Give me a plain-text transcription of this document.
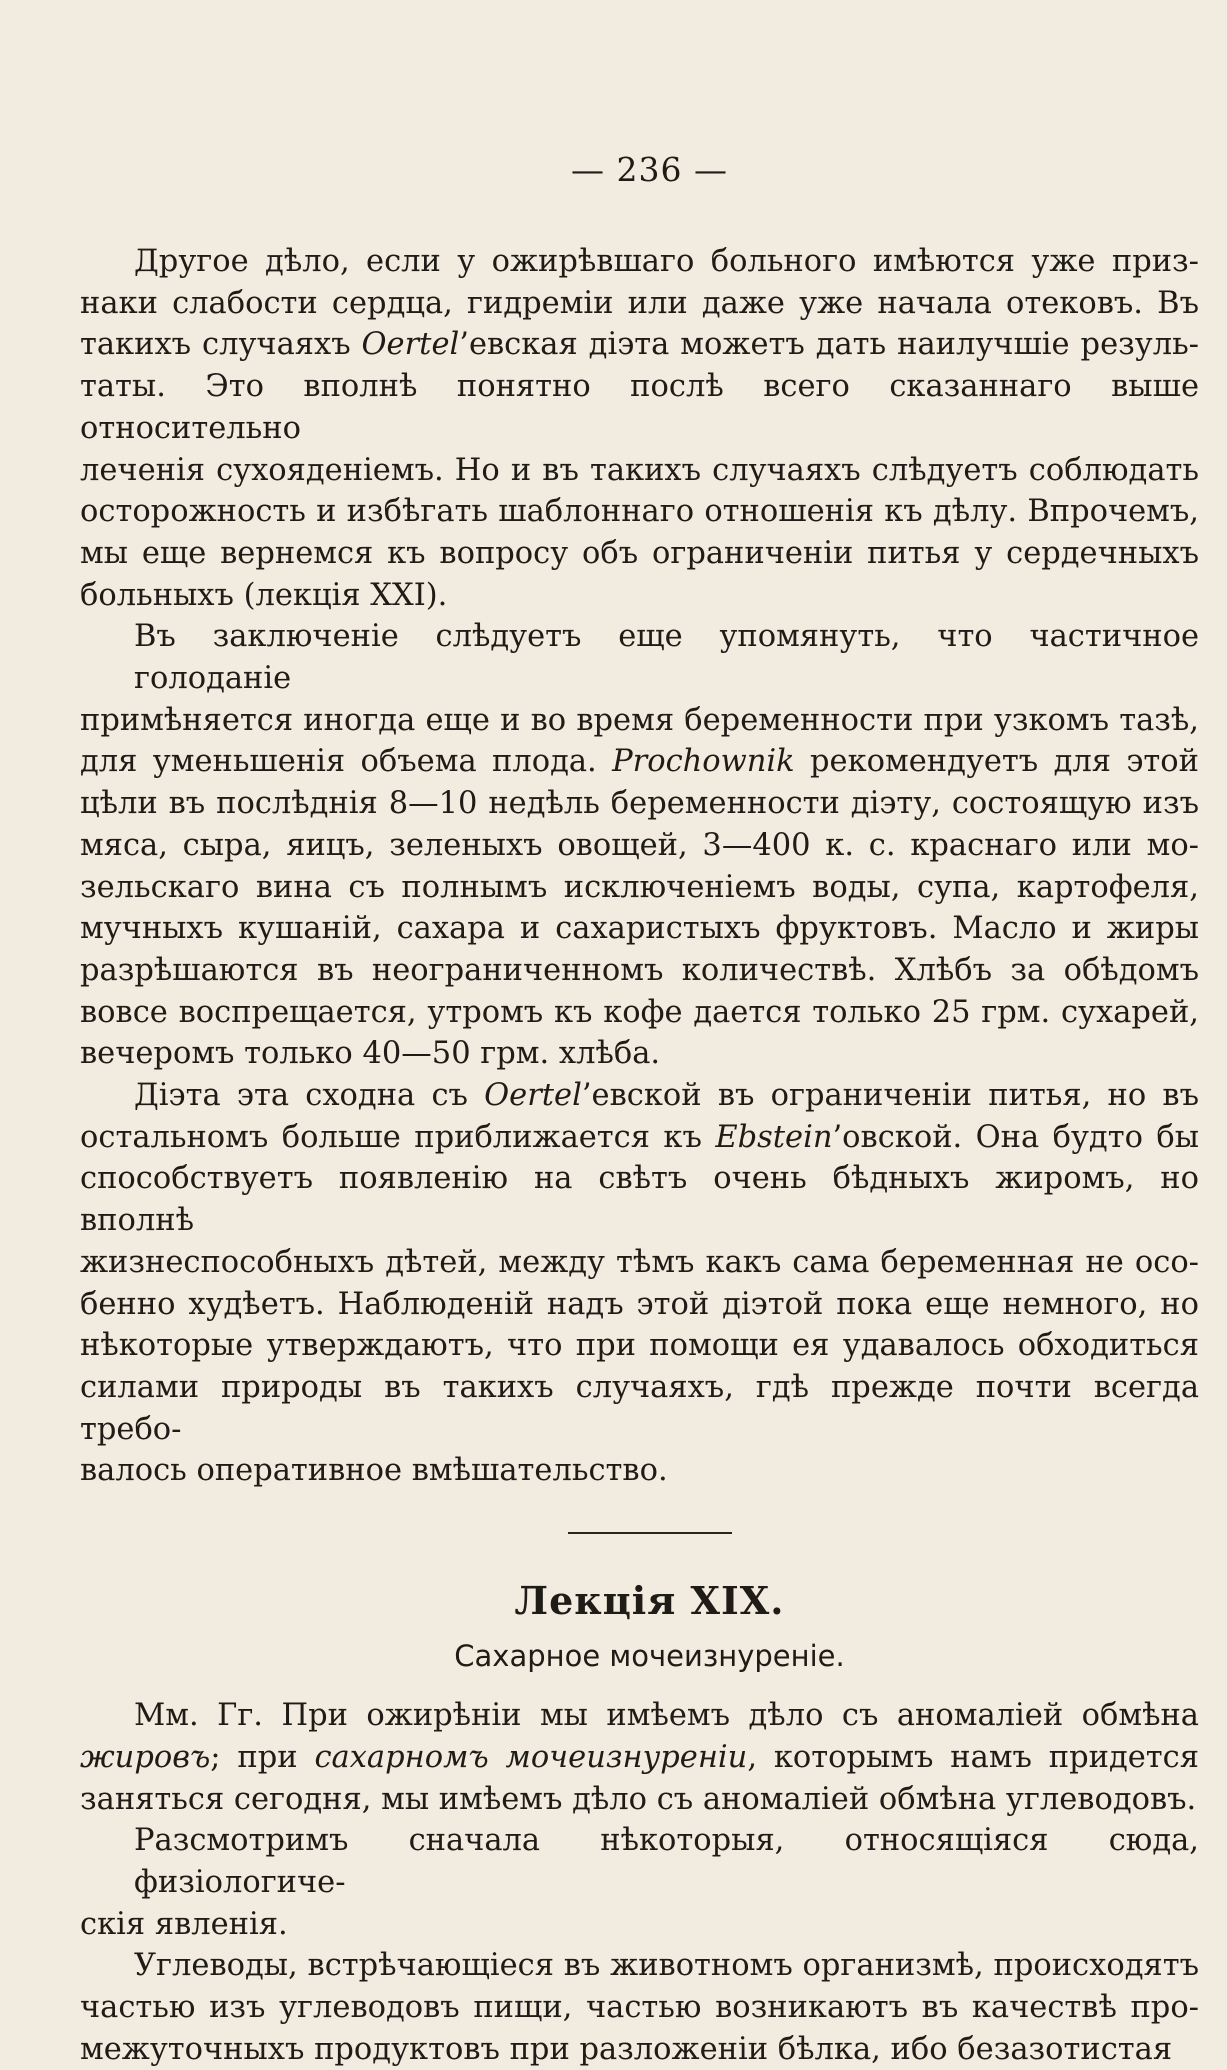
— 236 —

Другое дѣло, если у ожирѣвшаго больного имѣются уже приз-
наки слабости сердца, гидреміи или даже уже начала отековъ. Въ
такихъ случаяхъ Oertel’евская діэта можетъ дать наилучшіе резуль-
таты. Это вполнѣ понятно послѣ всего сказаннаго выше относительно
леченія сухояденіемъ. Но и въ такихъ случаяхъ слѣдуетъ соблюдать
осторожность и избѣгать шаблоннаго отношенія къ дѣлу. Впрочемъ,
мы еще вернемся къ вопросу объ ограниченіи питья у сердечныхъ
больныхъ (лекція XXI).

Въ заключеніе слѣдуетъ еще упомянуть, что частичное голоданіе
примѣняется иногда еще и во время беременности при узкомъ тазѣ,
для уменьшенія объема плода. Prochownik рекомендуетъ для этой
цѣли въ послѣднія 8—10 недѣль беременности діэту, состоящую изъ
мяса, сыра, яицъ, зеленыхъ овощей, 3—400 к. с. краснаго или мо-
зельскаго вина съ полнымъ исключеніемъ воды, супа, картофеля,
мучныхъ кушаній, сахара и сахаристыхъ фруктовъ. Масло и жиры
разрѣшаются въ неограниченномъ количествѣ. Хлѣбъ за обѣдомъ
вовсе воспрещается, утромъ къ кофе дается только 25 грм. сухарей,
вечеромъ только 40—50 грм. хлѣба.

Діэта эта сходна съ Oertel’евской въ ограниченіи питья, но въ
остальномъ больше приближается къ Ebstein’овской. Она будто бы
способствуетъ появленію на свѣтъ очень бѣдныхъ жиромъ, но вполнѣ
жизнеспособныхъ дѣтей, между тѣмъ какъ сама беременная не осо-
бенно худѣетъ. Наблюденій надъ этой діэтой пока еще немного, но
нѣкоторые утверждаютъ, что при помощи ея удавалось обходиться
силами природы въ такихъ случаяхъ, гдѣ прежде почти всегда требо-
валось оперативное вмѣшательство.

Лекція XIX.
Сахарное мочеизнуреніе.

Мм. Гг. При ожирѣніи мы имѣемъ дѣло съ аномаліей обмѣна
жировъ; при сахарномъ мочеизнуреніи, которымъ намъ придется
заняться сегодня, мы имѣемъ дѣло съ аномаліей обмѣна углеводовъ.

Разсмотримъ сначала нѣкоторыя, относящіяся сюда, физіологиче-
скія явленія.

Углеводы, встрѣчающіеся въ животномъ организмѣ, происходятъ
частью изъ углеводовъ пищи, частью возникаютъ въ качествѣ про-
межуточныхъ продуктовъ при разложеніи бѣлка, ибо безазотистая
